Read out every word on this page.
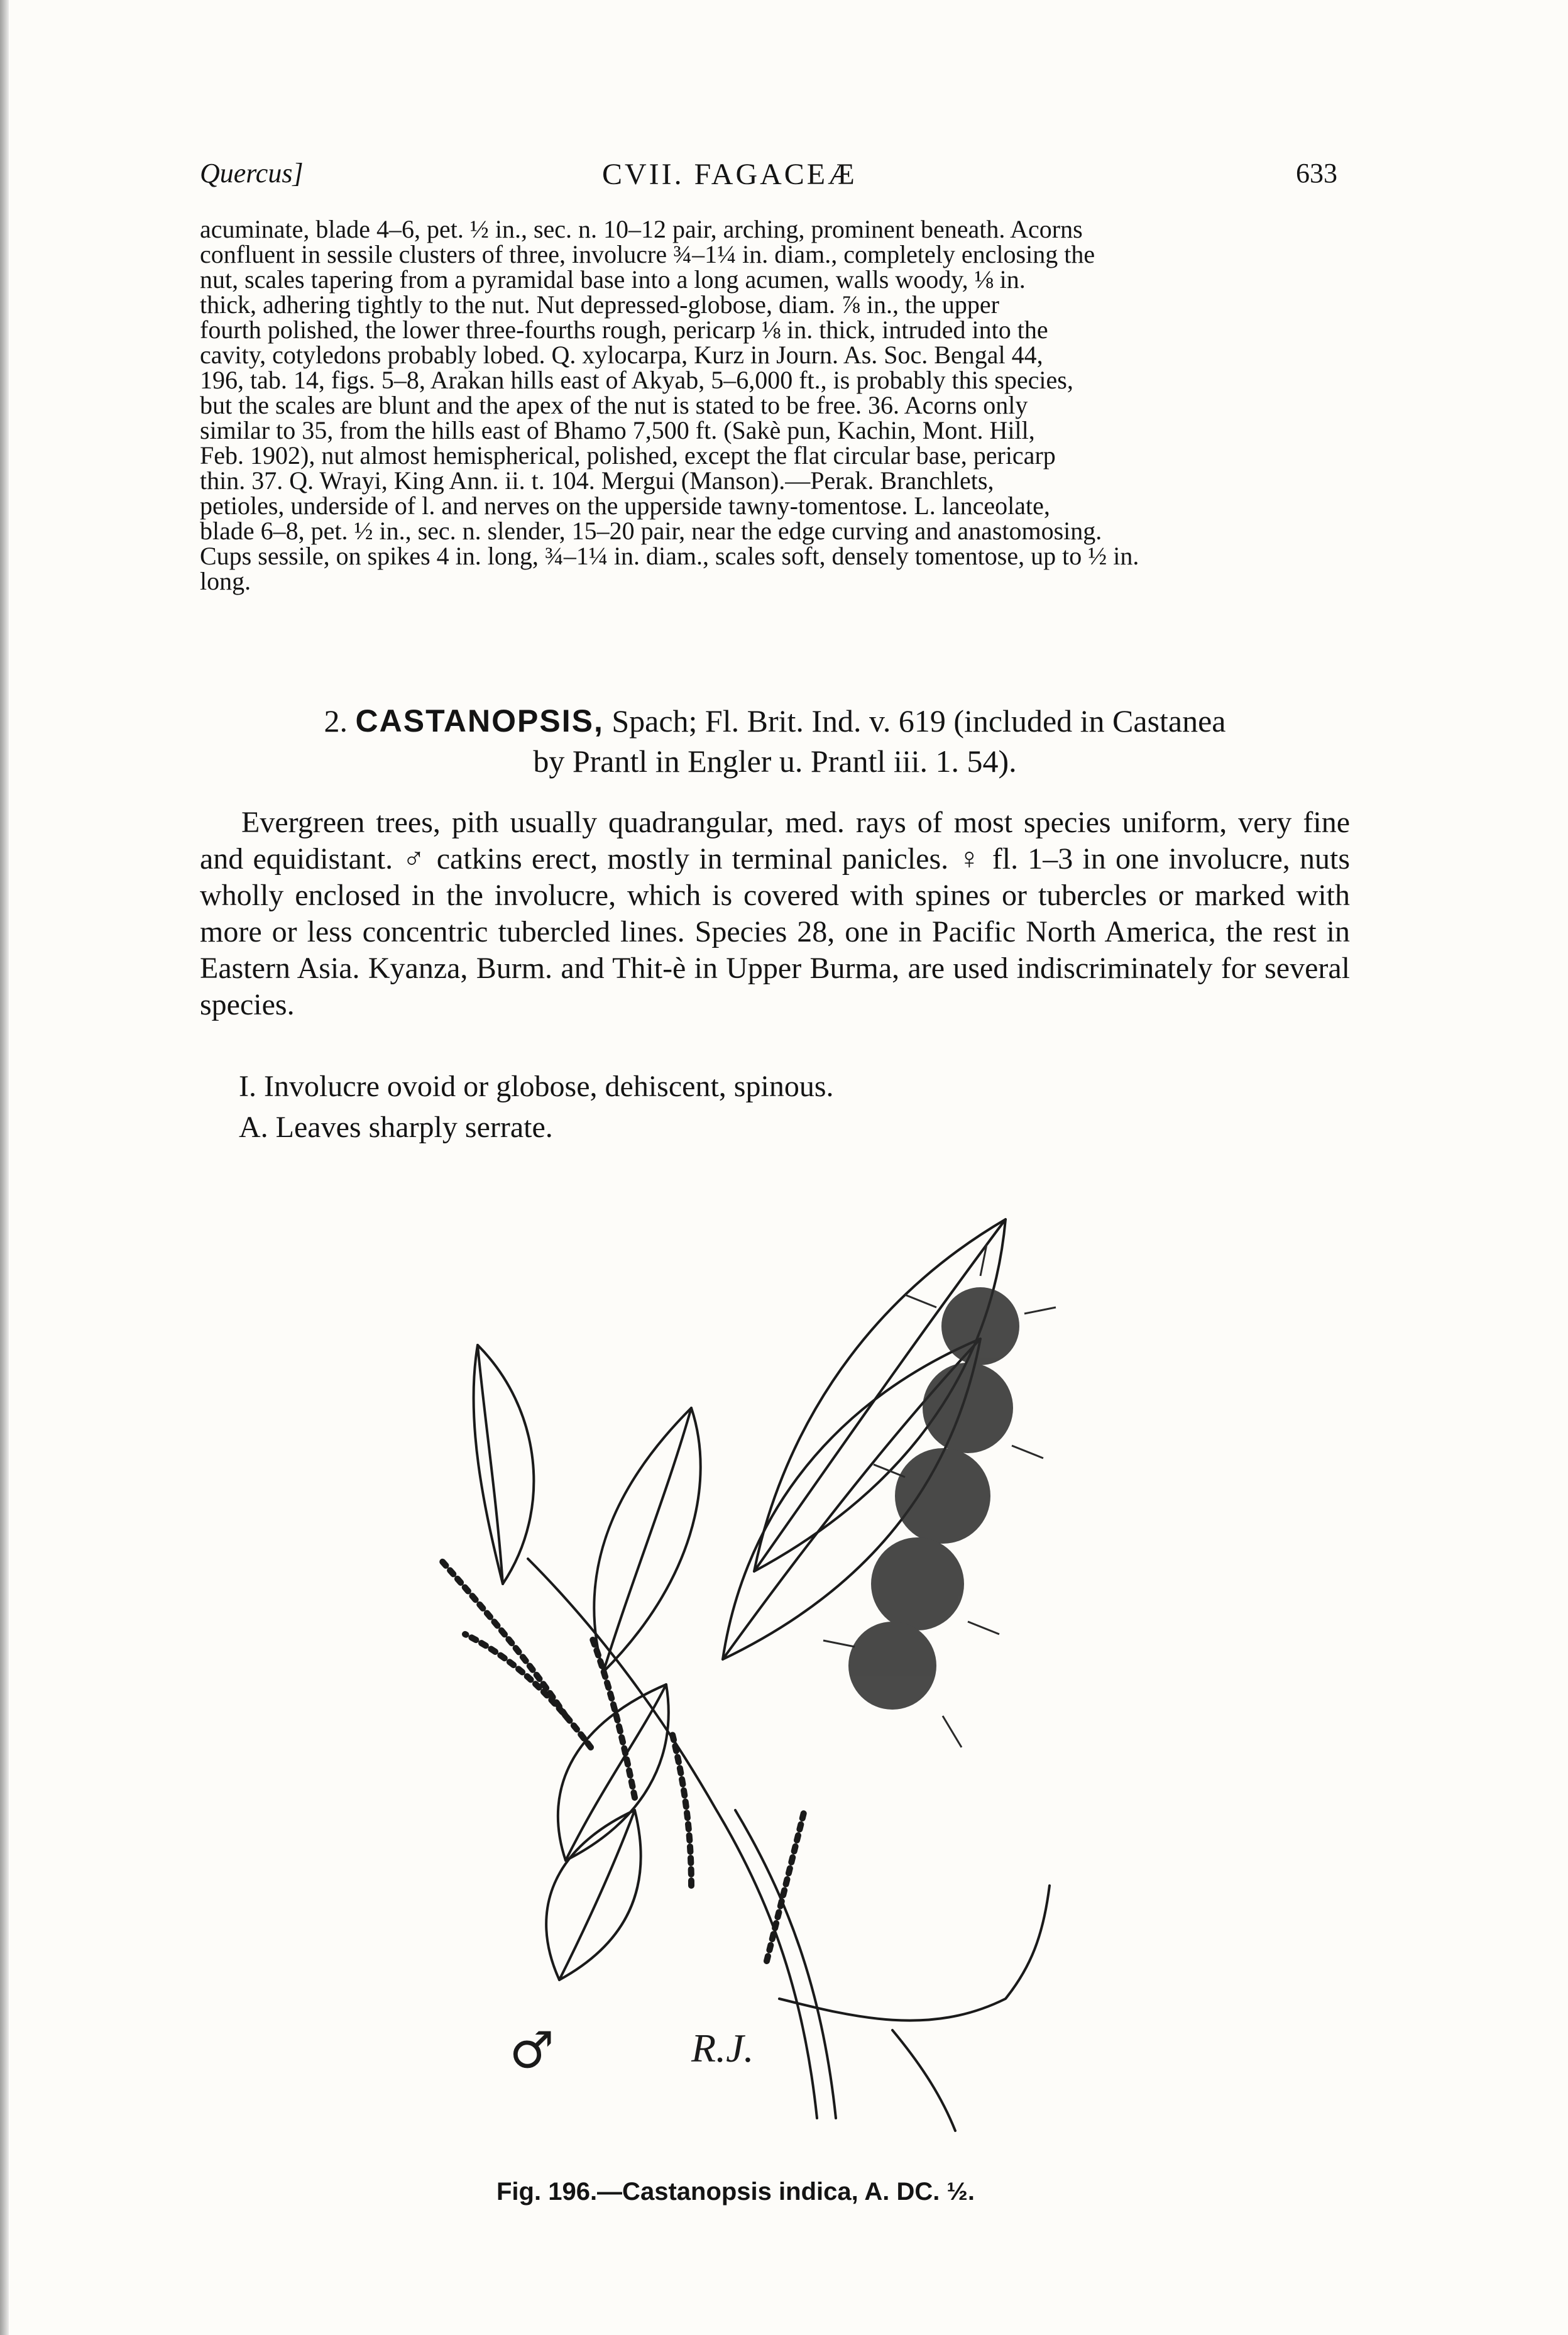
Quercus]	CVII. FAGACEÆ	633
acuminate, blade 4–6, pet. ½ in., sec. n. 10–12 pair, arching, prominent beneath. Acorns
confluent in sessile clusters of three, involucre ¾–1¼ in. diam., completely enclosing the
nut, scales tapering from a pyramidal base into a long acumen, walls woody, ⅛ in.
thick, adhering tightly to the nut. Nut depressed-globose, diam. ⅞ in., the upper
fourth polished, the lower three-fourths rough, pericarp ⅛ in. thick, intruded into the
cavity, cotyledons probably lobed. Q. xylocarpa, Kurz in Journ. As. Soc. Bengal 44,
196, tab. 14, figs. 5–8, Arakan hills east of Akyab, 5–6,000 ft., is probably this species,
but the scales are blunt and the apex of the nut is stated to be free. 36. Acorns only
similar to 35, from the hills east of Bhamo 7,500 ft. (Sakè pun, Kachin, Mont. Hill,
Feb. 1902), nut almost hemispherical, polished, except the flat circular base, pericarp
thin. 37. Q. Wrayi, King Ann. ii. t. 104. Mergui (Manson).—Perak. Branchlets,
petioles, underside of l. and nerves on the upperside tawny-tomentose. L. lanceolate,
blade 6–8, pet. ½ in., sec. n. slender, 15–20 pair, near the edge curving and anastomosing.
Cups sessile, on spikes 4 in. long, ¾–1¼ in. diam., scales soft, densely tomentose, up to ½ in.
long.
2. CASTANOPSIS, Spach; Fl. Brit. Ind. v. 619 (included in Castanea
by Prantl in Engler u. Prantl iii. 1. 54).
Evergreen trees, pith usually quadrangular, med. rays of most species uniform, very fine and equidistant. ♂ catkins erect, mostly in terminal panicles. ♀ fl. 1–3 in one involucre, nuts wholly enclosed in the involucre, which is covered with spines or tubercles or marked with more or less concentric tubercled lines. Species 28, one in Pacific North America, the rest in Eastern Asia. Kyanza, Burm. and Thit-è in Upper Burma, are used indiscriminately for several species.
I. Involucre ovoid or globose, dehiscent, spinous.
A. Leaves sharply serrate.
♂	R.J.
Fig. 196.—Castanopsis indica, A. DC. ½.
